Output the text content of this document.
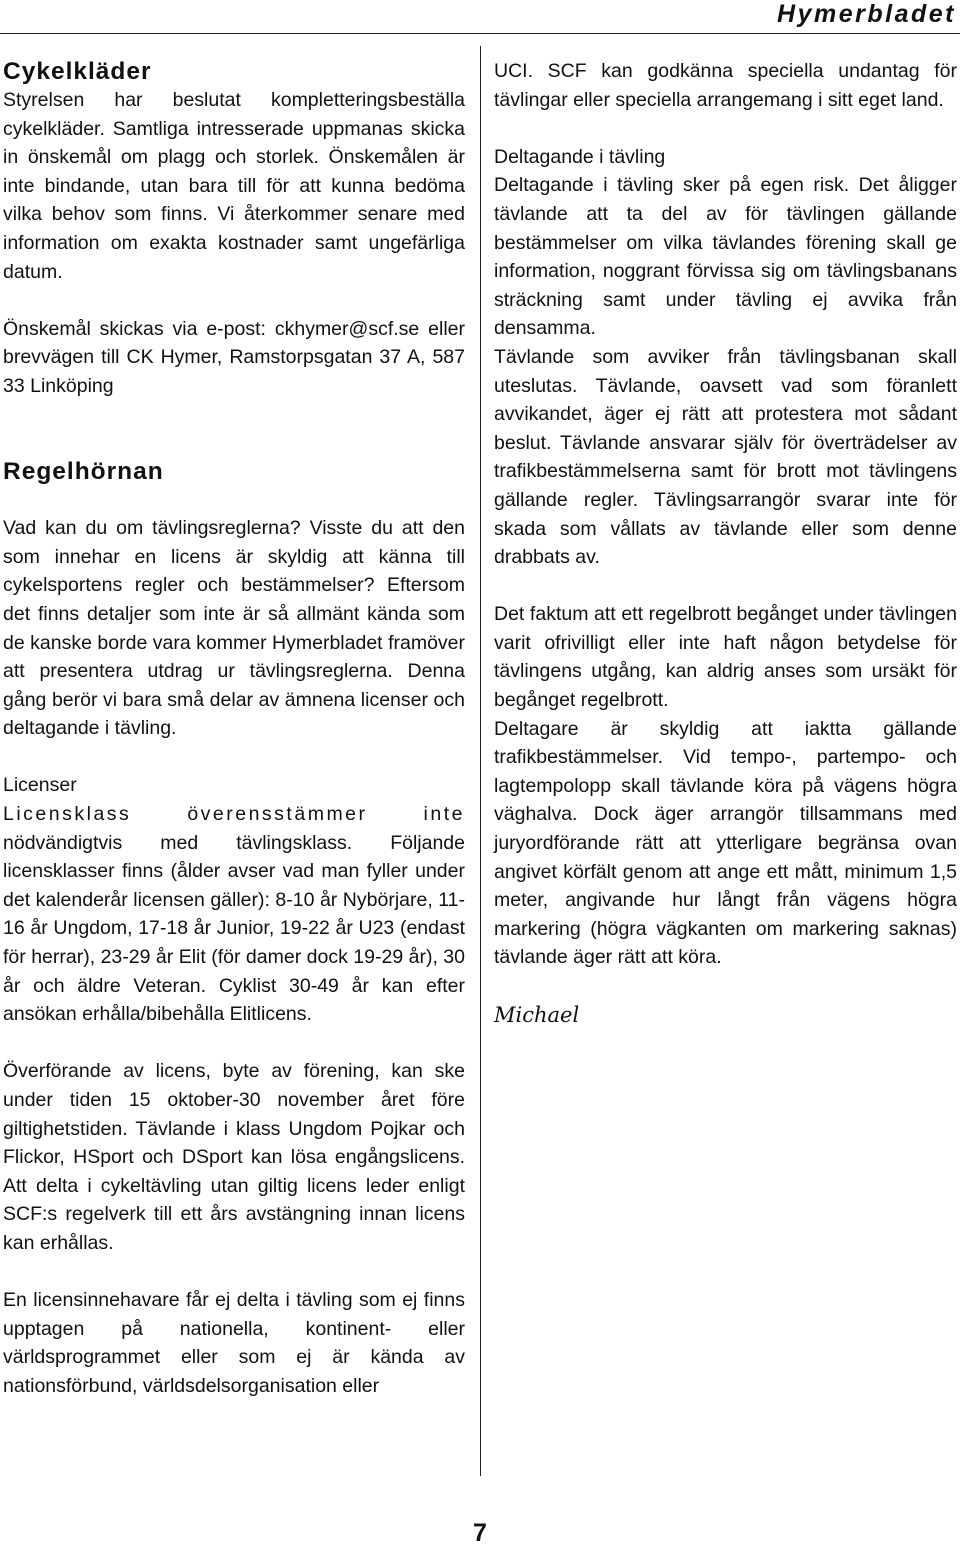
Hymerbladet
Cykelkläder

Styrelsen har beslutat kompletteringsbeställa cykelkläder. Samtliga intresserade uppmanas skicka in önskemål om plagg och storlek. Önskemålen är inte bindande, utan bara till för att kunna bedöma vilka behov som finns. Vi återkommer senare med information om exakta kostnader samt ungefärliga datum.

Önskemål skickas via e-post: ckhymer@scf.se eller brevvägen till CK Hymer, Ramstorpsgatan 37 A, 587 33 Linköping

Regelhörnan

Vad kan du om tävlingsreglerna? Visste du att den som innehar en licens är skyldig att känna till cykelsportens regler och bestämmelser? Eftersom det finns detaljer som inte är så allmänt kända som de kanske borde vara kommer Hymerbladet framöver att presentera utdrag ur tävlingsreglerna. Denna gång berör vi bara små delar av ämnena licenser och deltagande i tävling.

Licenser

Licensklass överensstämmer inte

nödvändigtvis med tävlingsklass. Följande licensklasser finns (ålder avser vad man fyller under det kalenderår licensen gäller): 8-10 år Nybörjare, 11-16 år Ungdom, 17-18 år Junior, 19-22 år U23 (endast för herrar), 23-29 år Elit (för damer dock 19-29 år), 30 år och äldre Veteran. Cyklist 30-49 år kan efter ansökan erhålla/bibehålla Elitlicens.

Överförande av licens, byte av förening, kan ske under tiden 15 oktober-30 november året före giltighetstiden. Tävlande i klass Ungdom Pojkar och Flickor, HSport och DSport kan lösa engångslicens. Att delta i cykeltävling utan giltig licens leder enligt SCF:s regelverk till ett års avstängning innan licens kan erhållas.

En licensinnehavare får ej delta i tävling som ej finns upptagen på nationella, kontinent- eller världsprogrammet eller som ej är kända av nationsförbund, världsdelsorganisation eller

UCI. SCF kan godkänna speciella undantag för tävlingar eller speciella arrangemang i sitt eget land.

Deltagande i tävling

Deltagande i tävling sker på egen risk. Det åligger tävlande att ta del av för tävlingen gällande bestämmelser om vilka tävlandes förening skall ge information, noggrant förvissa sig om tävlingsbanans sträckning samt under tävling ej avvika från densamma.

Tävlande som avviker från tävlingsbanan skall uteslutas. Tävlande, oavsett vad som föranlett avvikandet, äger ej rätt att protestera mot sådant beslut. Tävlande ansvarar själv för överträdelser av trafikbestämmelserna samt för brott mot tävlingens gällande regler. Tävlingsarrangör svarar inte för skada som vållats av tävlande eller som denne drabbats av.

Det faktum att ett regelbrott begånget under tävlingen varit ofrivilligt eller inte haft någon betydelse för tävlingens utgång, kan aldrig anses som ursäkt för begånget regelbrott.

Deltagare är skyldig att iaktta gällande trafikbestämmelser. Vid tempo-, partempo- och lagtempolopp skall tävlande köra på vägens högra väghalva. Dock äger arrangör tillsammans med juryordförande rätt att ytterligare begränsa ovan angivet körfält genom att ange ett mått, minimum 1,5 meter, angivande hur långt från vägens högra markering (högra vägkanten om markering saknas) tävlande äger rätt att köra.

Michael

7
